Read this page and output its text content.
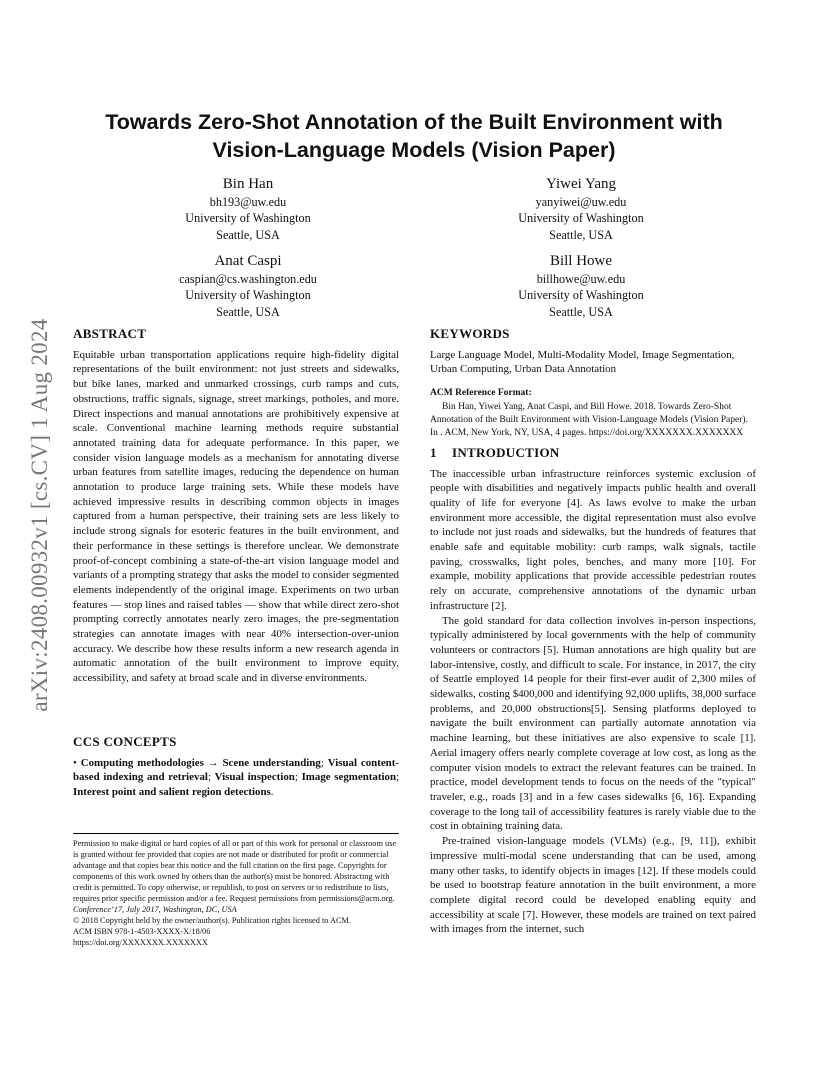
arXiv:2408.00932v1 [cs.CV] 1 Aug 2024
Towards Zero-Shot Annotation of the Built Environment with
Vision-Language Models (Vision Paper)
Bin Han
bh193@uw.edu
University of Washington
Seattle, USA
Yiwei Yang
yanyiwei@uw.edu
University of Washington
Seattle, USA
Anat Caspi
caspian@cs.washington.edu
University of Washington
Seattle, USA
Bill Howe
billhowe@uw.edu
University of Washington
Seattle, USA
ABSTRACT

Equitable urban transportation applications require high-fidelity digital representations of the built environment: not just streets and sidewalks, but bike lanes, marked and unmarked crossings, curb ramps and cuts, obstructions, traffic signals, signage, street markings, potholes, and more. Direct inspections and manual annotations are prohibitively expensive at scale. Conventional machine learning methods require substantial annotated training data for adequate performance. In this paper, we consider vision language models as a mechanism for annotating diverse urban features from satellite images, reducing the dependence on human annotation to produce large training sets. While these models have achieved impressive results in describing common objects in images captured from a human perspective, their training sets are less likely to include strong signals for esoteric features in the built environment, and their performance in these settings is therefore unclear. We demonstrate proof-of-concept combining a state-of-the-art vision language model and variants of a prompting strategy that asks the model to consider segmented elements independently of the original image. Experiments on two urban features — stop lines and raised tables — show that while direct zero-shot prompting correctly annotates nearly zero images, the pre-segmentation strategies can annotate images with near 40% intersection-over-union accuracy. We describe how these results inform a new research agenda in automatic annotation of the built environment to improve equity, accessibility, and safety at broad scale and in diverse environments.

CCS CONCEPTS

• Computing methodologies → Scene understanding; Visual content-based indexing and retrieval; Visual inspection; Image segmentation; Interest point and salient region detections.

Permission to make digital or hard copies of all or part of this work for personal or classroom use is granted without fee provided that copies are not made or distributed for profit or commercial advantage and that copies bear this notice and the full citation on the first page. Copyrights for components of this work owned by others than the author(s) must be honored. Abstracting with credit is permitted. To copy otherwise, or republish, to post on servers or to redistribute to lists, requires prior specific permission and/or a fee. Request permissions from permissions@acm.org.

Conference’17, July 2017, Washington, DC, USA

© 2018 Copyright held by the owner/author(s). Publication rights licensed to ACM.

ACM ISBN 978-1-4503-XXXX-X/18/06

https://doi.org/XXXXXXX.XXXXXXX

KEYWORDS

Large Language Model, Multi-Modality Model, Image Segmentation, Urban Computing, Urban Data Annotation

ACM Reference Format:

Bin Han, Yiwei Yang, Anat Caspi, and Bill Howe. 2018. Towards Zero-Shot Annotation of the Built Environment with Vision-Language Models (Vision Paper). In . ACM, New York, NY, USA, 4 pages. https://doi.org/XXXXXXX.XXXXXXX

1 INTRODUCTION

The inaccessible urban infrastructure reinforces systemic exclusion of people with disabilities and negatively impacts public health and overall quality of life for everyone [4]. As laws evolve to make the urban environment more accessible, the digital representation must also evolve to include not just roads and sidewalks, but the hundreds of features that enable safe and equitable mobility: curb ramps, walk signals, tactile paving, crosswalks, light poles, benches, and many more [10]. For example, mobility applications that provide accessible pedestrian routes rely on accurate, comprehensive annotations of the dynamic urban infrastructure [2].

The gold standard for data collection involves in-person inspections, typically administered by local governments with the help of community volunteers or contractors [5]. Human annotations are high quality but are labor-intensive, costly, and difficult to scale. For instance, in 2017, the city of Seattle employed 14 people for their first-ever audit of 2,300 miles of sidewalks, costing $400,000 and identifying 92,000 uplifts, 38,000 surface problems, and 20,000 obstructions[5]. Sensing platforms deployed to navigate the built environment can partially automate annotation via machine learning, but these initiatives are also expensive to scale [1]. Aerial imagery offers nearly complete coverage at low cost, as long as the computer vision models to extract the relevant features can be trained. In practice, model development tends to focus on the needs of the "typical" traveler, e.g., roads [3] and in a few cases sidewalks [6, 16]. Expanding coverage to the long tail of accessibility features is rarely viable due to the cost in obtaining training data.

Pre-trained vision-language models (VLMs) (e.g., [9, 11]), exhibit impressive multi-modal scene understanding that can be used, among many other tasks, to identify objects in images [12]. If these models could be used to bootstrap feature annotation in the built environment, a more complete digital record could be developed enabling equity and accessibility at scale [7]. However, these models are trained on text paired with images from the internet, such
